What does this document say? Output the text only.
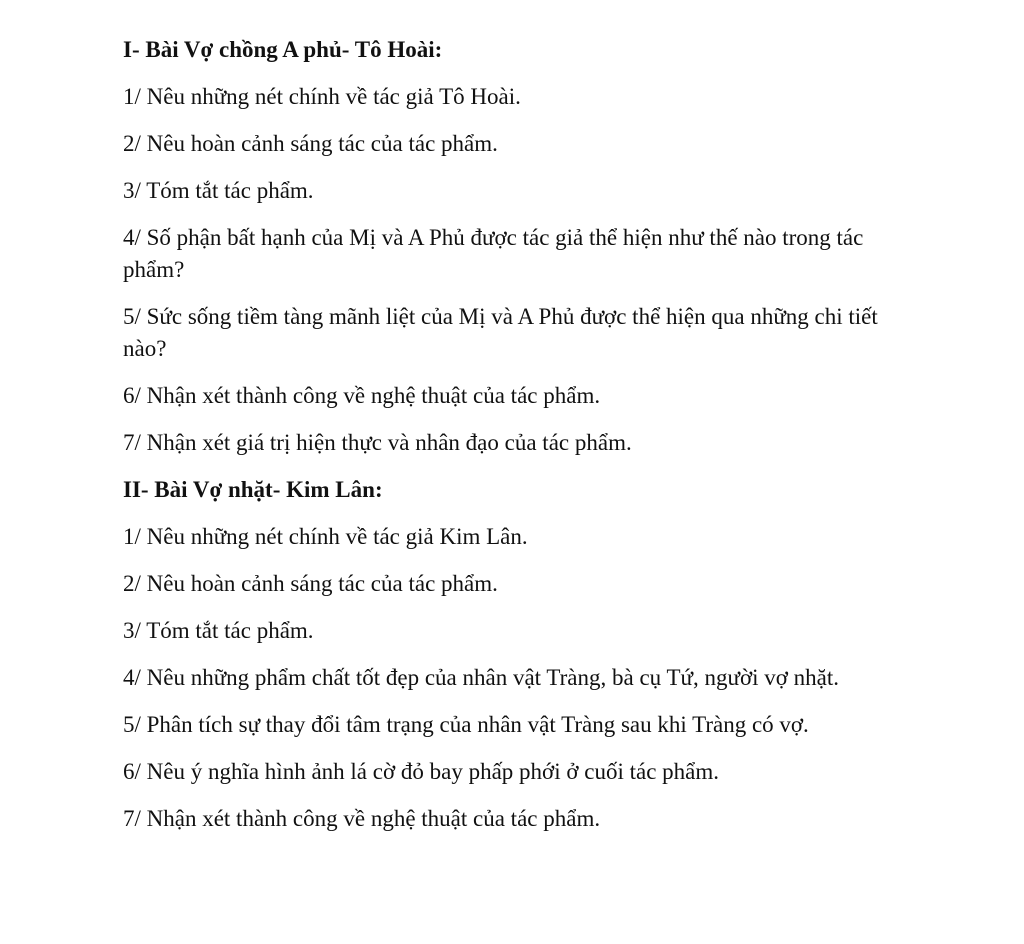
I- Bài Vợ chồng A phủ- Tô Hoài:
1/ Nêu những nét chính về tác giả Tô Hoài.
2/ Nêu hoàn cảnh sáng tác của tác phẩm.
3/ Tóm tắt tác phẩm.
4/ Số phận bất hạnh của Mị và A Phủ được tác giả thể hiện như thế nào trong tác phẩm?
5/ Sức sống tiềm tàng mãnh liệt của Mị và A Phủ được thể hiện qua những chi tiết nào?
6/ Nhận xét thành công về nghệ thuật của tác phẩm.
7/ Nhận xét giá trị hiện thực và nhân đạo của tác phẩm.
II- Bài Vợ nhặt- Kim Lân:
1/ Nêu những nét chính về tác giả Kim Lân.
2/ Nêu hoàn cảnh sáng tác của tác phẩm.
3/ Tóm tắt tác phẩm.
4/ Nêu những phẩm chất tốt đẹp của nhân vật Tràng, bà cụ Tứ, người vợ nhặt.
5/ Phân tích sự thay đổi tâm trạng của nhân vật Tràng sau khi Tràng có vợ.
6/ Nêu ý nghĩa hình ảnh lá cờ đỏ bay phấp phới ở cuối tác phẩm.
7/ Nhận xét thành công về nghệ thuật của tác phẩm.
